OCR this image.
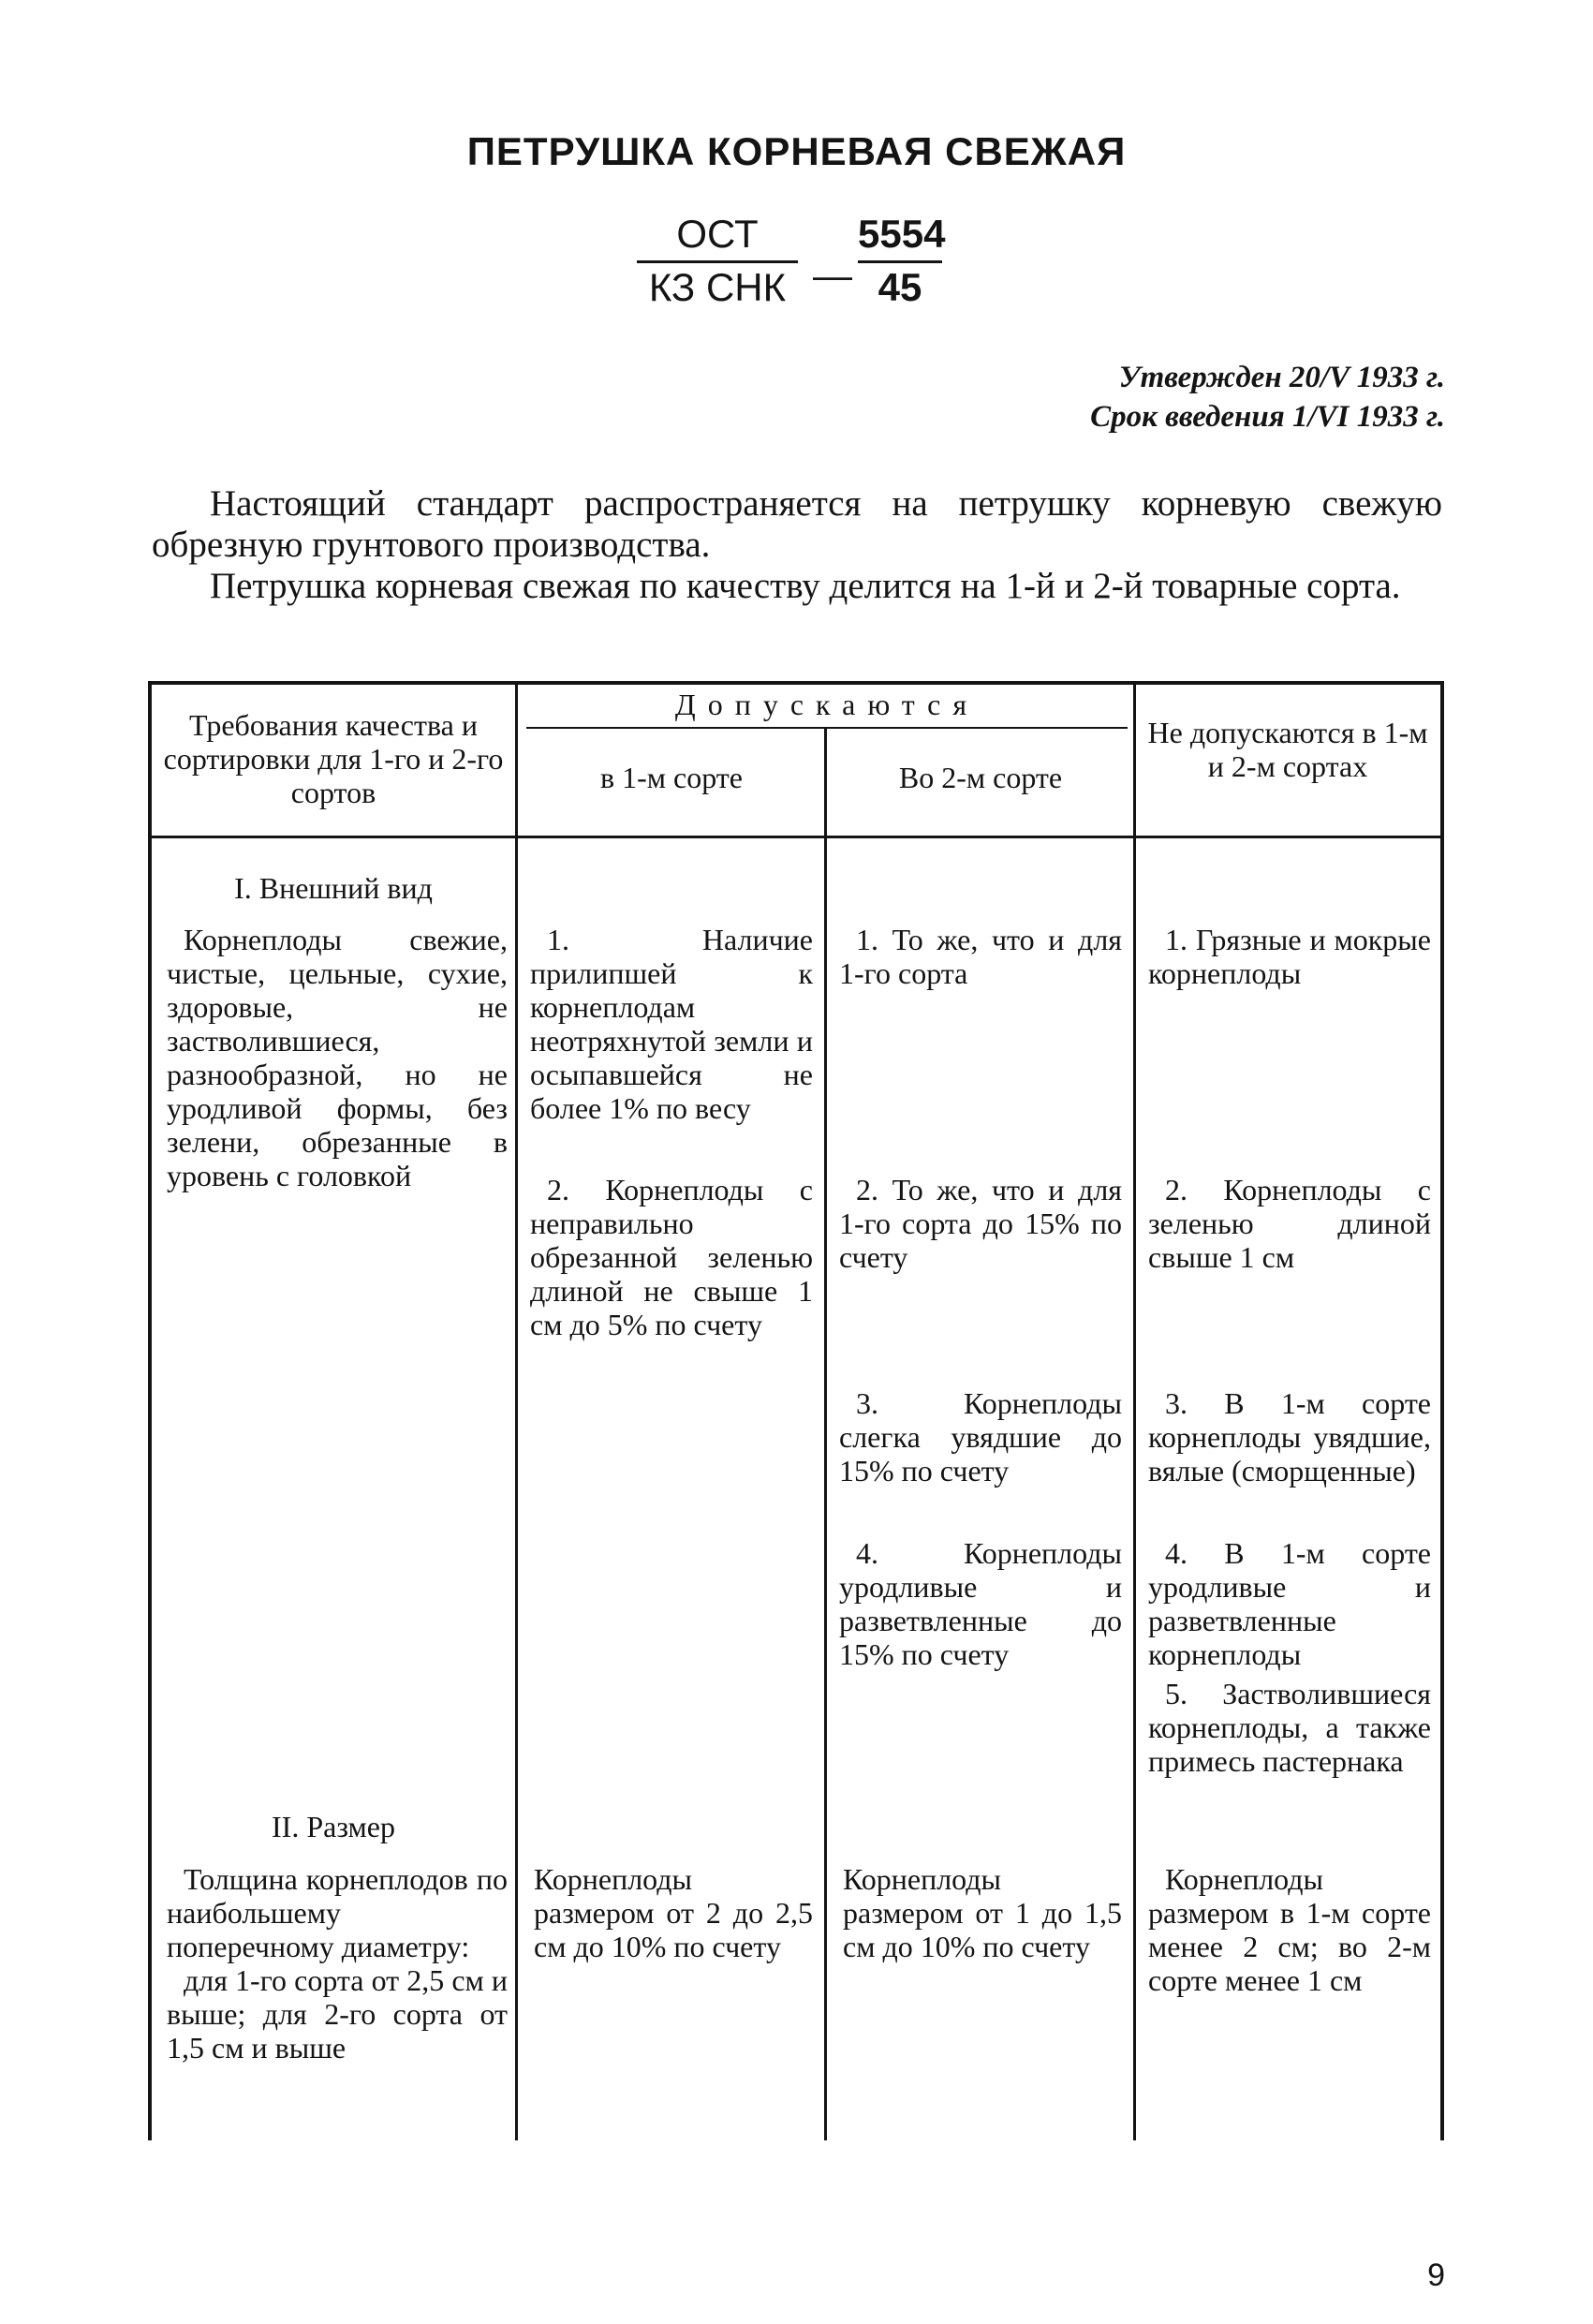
ПЕТРУШКА КОРНЕВАЯ СВЕЖАЯ
ОСТ
КЗ СНК — $\frac{5554}{45}$
Утвержден 20/V 1933 г.
Срок введения 1/VI 1933 г.

Настоящий стандарт распространяется на петрушку корневую свежую обрезную грунтового производства.

Петрушка корневая свежая по качеству делится на 1-й и 2-й товарные сорта.

Требования качества и сортировки для 1-го и 2-го сортов
Допускаются
в 1-м сорте	Во 2-м сорте
Не допускаются в 1-м и 2-м сортах
I. Внешний вид

Корнеплоды свежие, чистые, цельные, сухие, здоровые, не застволившиеся, разнообразной, но не уродливой формы, без зелени, обрезанные в уровень с головкой

II. Размер

Толщина корнеплодов по наибольшему поперечному диаметру:

для 1-го сорта от 2,5 см и выше; для 2-го сорта от 1,5 см и выше

1. Наличие прилипшей к корнеплодам неотряхнутой земли и осыпавшейся не более 1% по весу

2. Корнеплоды с неправильно обрезанной зеленью длиной не свыше 1 см до 5% по счету

Корнеплоды размером от 2 до 2,5 см до 10% по счету

1. То же, что и для 1-го сорта

2. То же, что и для 1-го сорта до 15% по счету

3. Корнеплоды слегка увядшие до 15% по счету

4. Корнеплоды уродливые и разветвленные до 15% по счету

Корнеплоды размером от 1 до 1,5 см до 10% по счету

1. Грязные и мокрые корнеплоды

2. Корнеплоды с зеленью длиной свыше 1 см

3. В 1-м сорте корнеплоды увядшие, вялые (сморщенные)

4. В 1-м сорте уродливые и разветвленные корнеплоды

5. Застволившиеся корнеплоды, а также примесь пастернака

Корнеплоды размером в 1-м сорте менее 2 см; во 2-м сорте менее 1 см

9
